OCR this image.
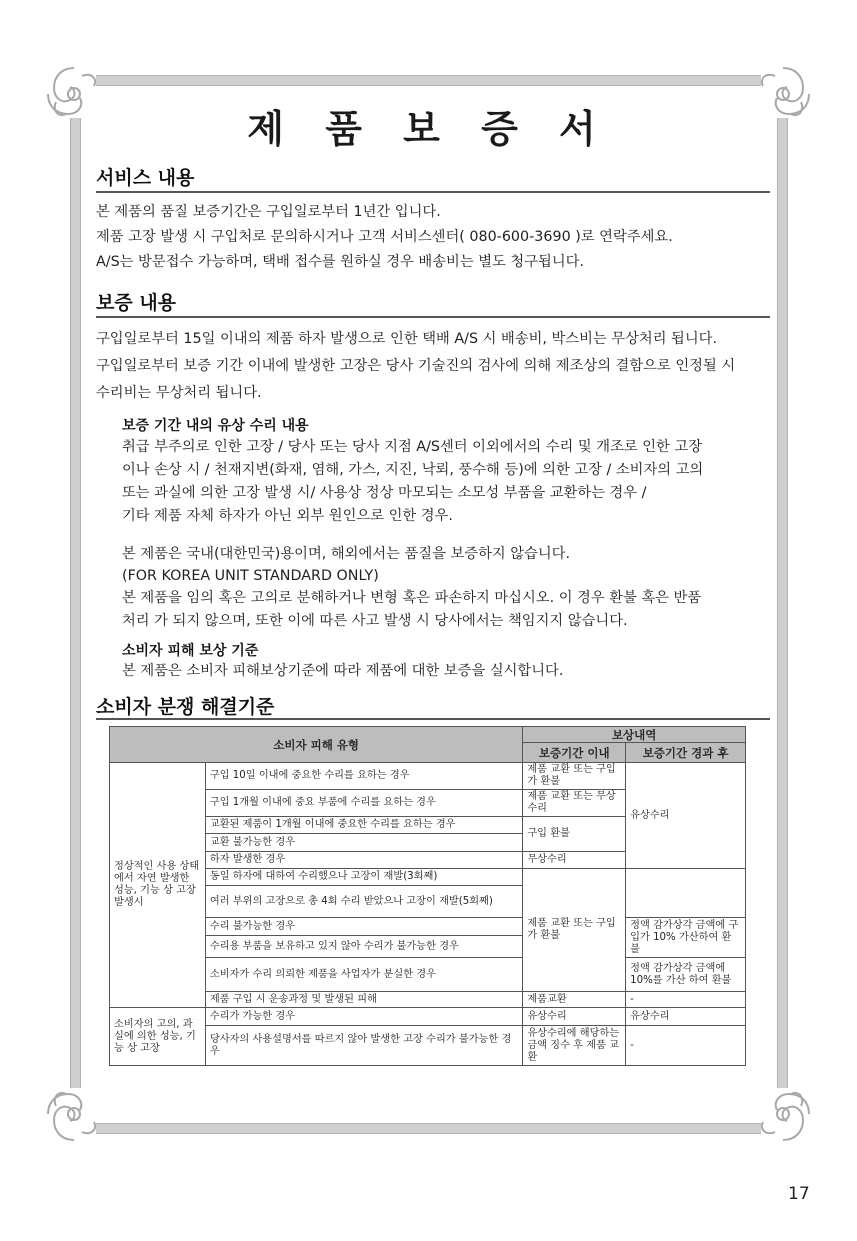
제 품 보 증 서
서비스 내용
본 제품의 품질 보증기간은 구입일로부터 1년간 입니다.
제품 고장 발생 시 구입처로 문의하시거나 고객 서비스센터( 080-600-3690 )로 연락주세요.
A/S는 방문접수 가능하며, 택배 접수를 원하실 경우 배송비는 별도 청구됩니다.
보증 내용
구입일로부터 15일 이내의 제품 하자 발생으로 인한 택배 A/S 시 배송비, 박스비는 무상처리 됩니다.
구입일로부터 보증 기간 이내에 발생한 고장은 당사 기술진의 검사에 의해 제조상의 결함으로 인정될 시
수리비는 무상처리 됩니다.
보증 기간 내의 유상 수리 내용
취급 부주의로 인한 고장 / 당사 또는 당사 지점 A/S센터 이외에서의 수리 및 개조로 인한 고장
이나 손상 시 / 천재지변(화재, 염해, 가스, 지진, 낙뢰, 풍수해 등)에 의한 고장 / 소비자의 고의
또는 과실에 의한 고장 발생 시/ 사용상 정상 마모되는 소모성 부품을 교환하는 경우 /
기타 제품 자체 하자가 아닌 외부 원인으로 인한 경우.
본 제품은 국내(대한민국)용이며, 해외에서는 품질을 보증하지 않습니다.
(FOR KOREA UNIT STANDARD ONLY)
본 제품을 임의 혹은 고의로 분해하거나 변형 혹은 파손하지 마십시오. 이 경우 환불 혹은 반품
처리 가 되지 않으며, 또한 이에 따른 사고 발생 시 당사에서는 책임지지 않습니다.
소비자 피해 보상 기준
본 제품은 소비자 피해보상기준에 따라 제품에 대한 보증을 실시합니다.
소비자 분쟁 해결기준
소비자 피해 유형		보상내역	
		보증기간 이내	보증기간 경과 후
정상적인 사용 상태에서 자연 발생한 성능, 기능 상 고장 발생시	구입 10일 이내에 중요한 수리를 요하는 경우	제품 교환 또는 구입가 환불	유상수리
	구입 1개월 이내에 중요 부품에 수리를 요하는 경우	제품 교환 또는 무상수리	
	교환된 제품이 1개월 이내에 중요한 수리를 요하는 경우	구입 환불	
	교환 불가능한 경우		
	하자 발생한 경우	무상수리	
	동일 하자에 대하여 수리했으나 고장이 재발(3회째)	제품 교환 또는 구입가 환불	
	여러 부위의 고장으로 총 4회 수리 받았으나 고장이 재발(5회째)		
	수리 불가능한 경우		정액 감가상각 금액에 구입가 10% 가산하여 환불
	수리용 부품을 보유하고 있지 않아 수리가 불가능한 경우		
	소비자가 수리 의뢰한 제품을 사업자가 분실한 경우		정액 감가상각 금액에 10%를 가산 하여 환불
	제품 구입 시 운송과정 및 발생된 피해	제품교환	-
소비자의 고의, 과실에 의한 성능, 기능 상 고장	수리가 가능한 경우	유상수리	유상수리
	당사자의 사용설명서를 따르지 않아 발생한 고장 수리가 불가능한 경우	유상수리에 해당하는 금액 징수 후 제품 교환	-
17
